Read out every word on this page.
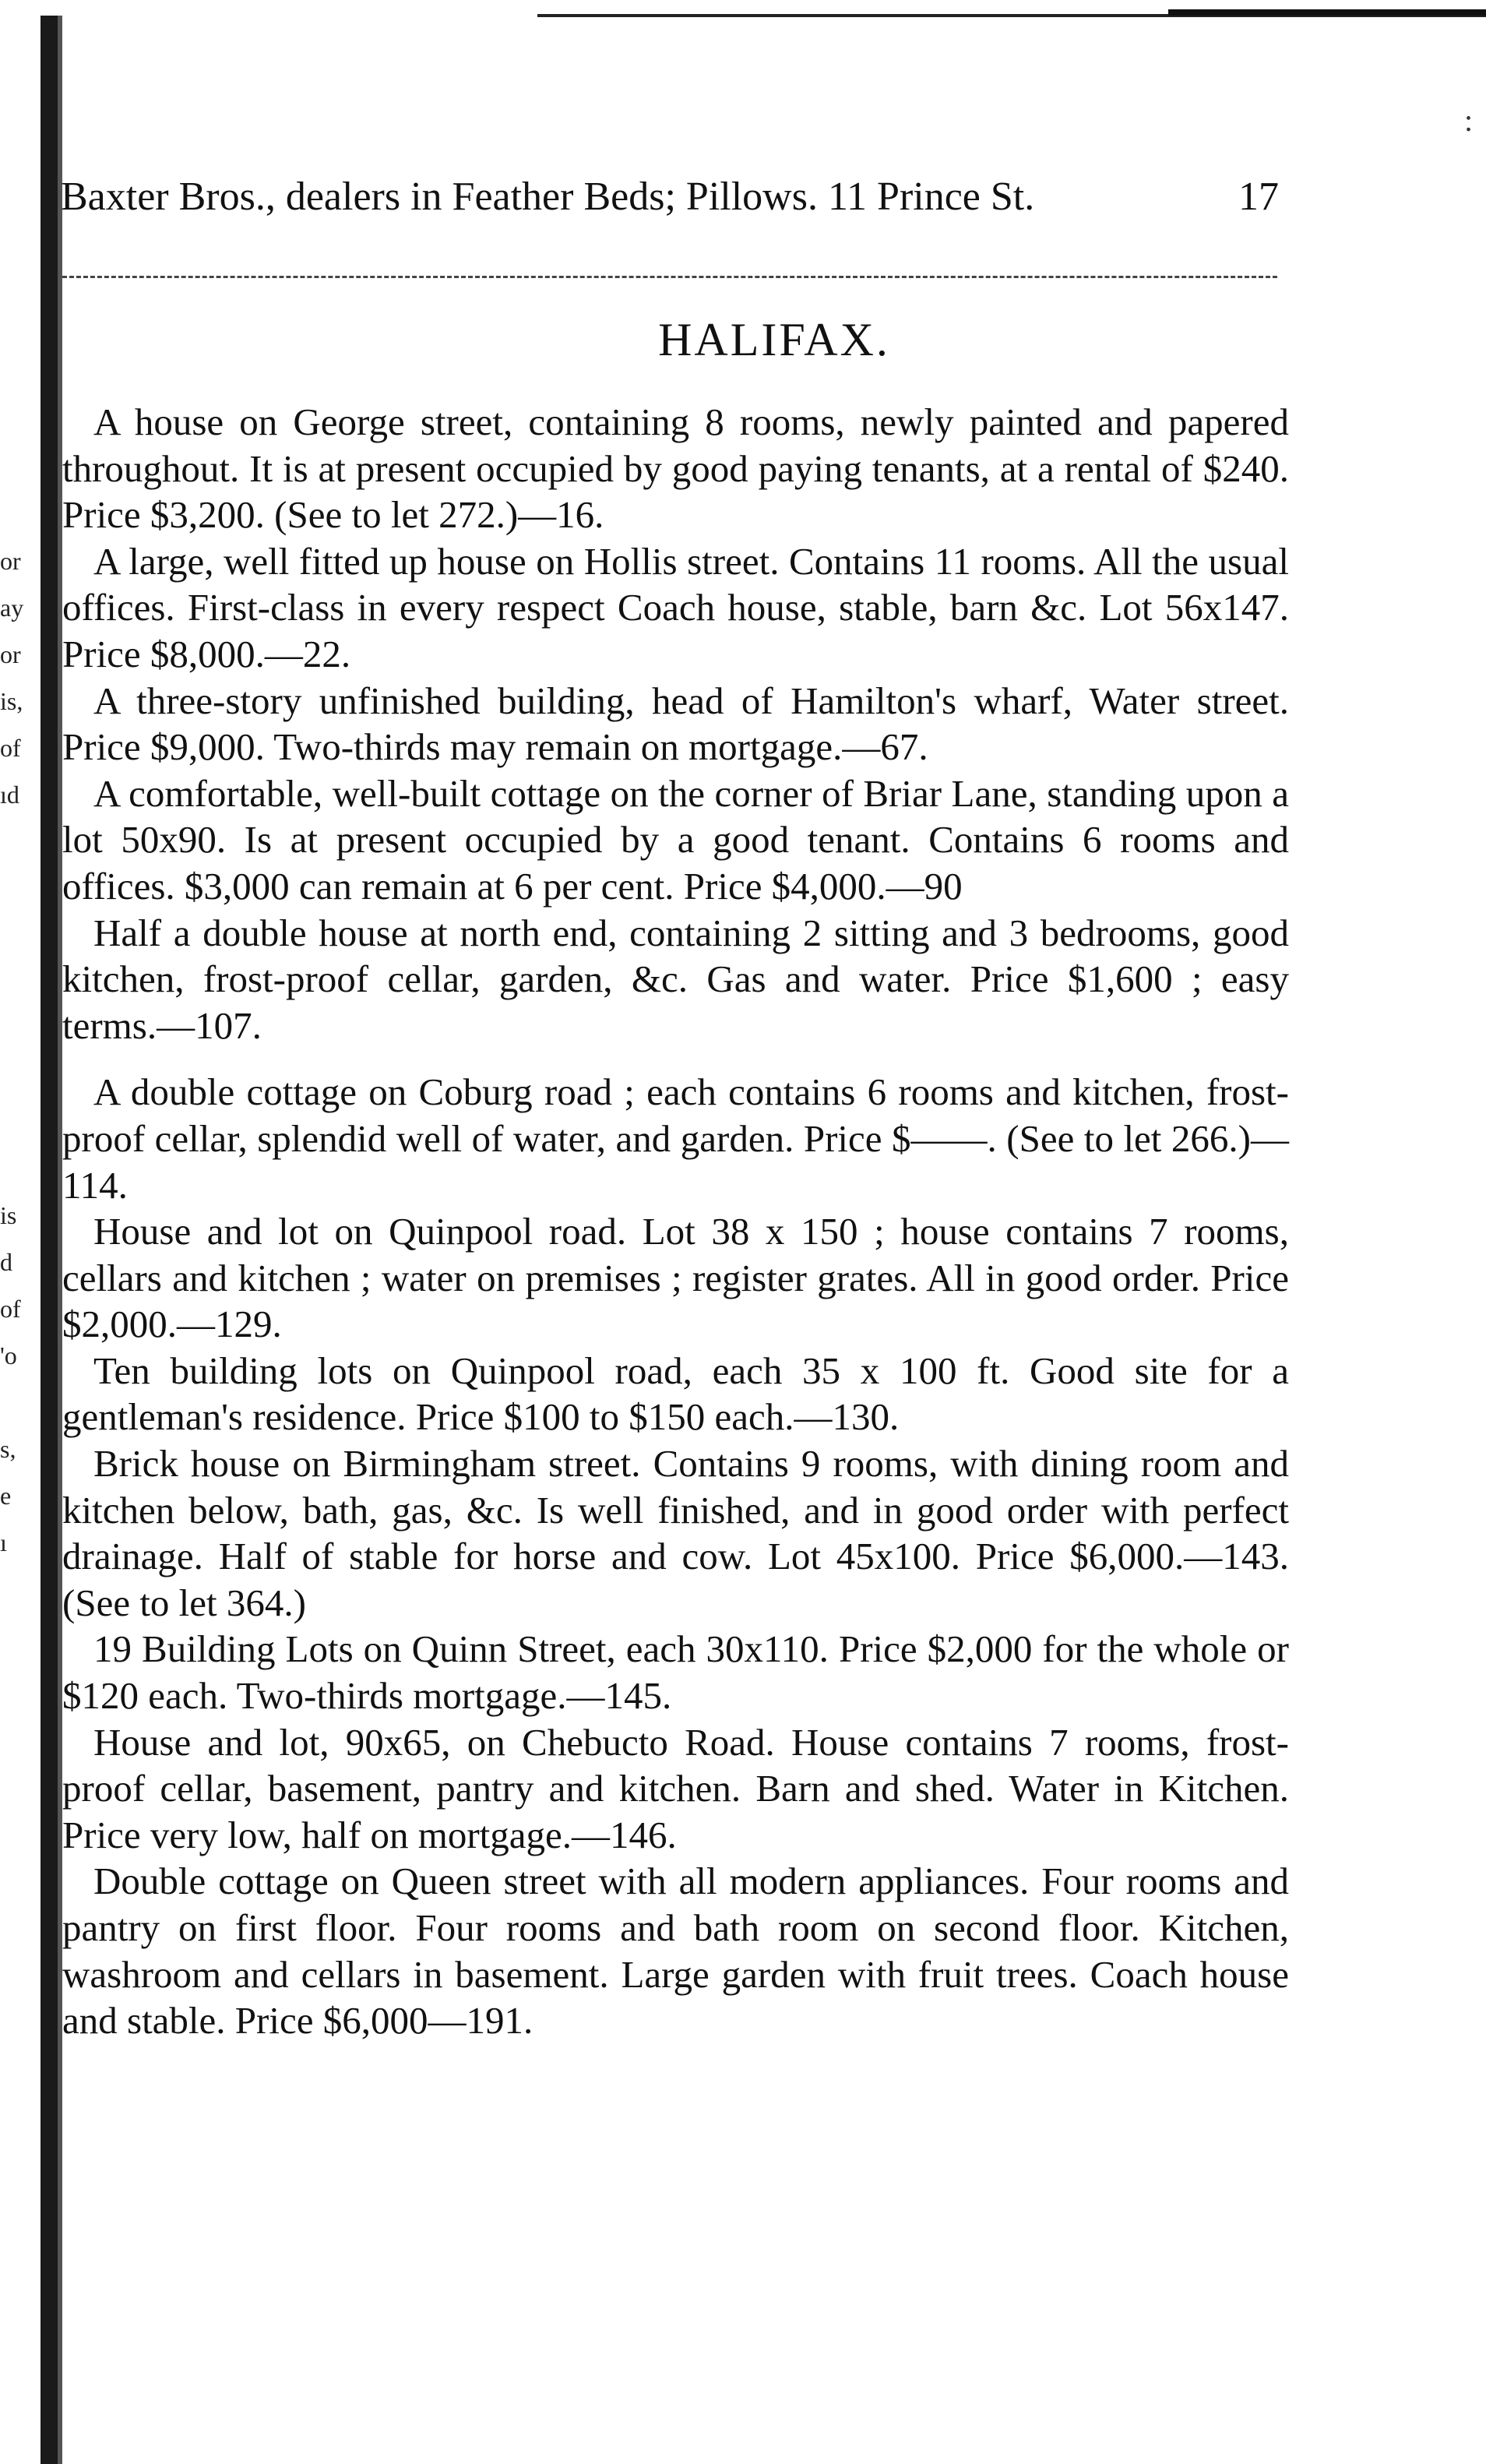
:
or
ay
or
is,
of
ıd

is
d
of
'o

s,
e
ı
Baxter Bros., dealers in Feather Beds; Pillows. 11 Prince St.	17
HALIFAX.

A house on George street, containing 8 rooms, newly painted and papered throughout. It is at present occupied by good paying tenants, at a rental of $240. Price $3,200. (See to let 272.)—16.

A large, well fitted up house on Hollis street. Contains 11 rooms. All the usual offices. First-class in every respect Coach house, stable, barn &c. Lot 56x147. Price $8,000.—22.

A three-story unfinished building, head of Hamilton's wharf, Water street. Price $9,000. Two-thirds may remain on mortgage.—67.

A comfortable, well-built cottage on the corner of Briar Lane, standing upon a lot 50x90. Is at present occupied by a good tenant. Contains 6 rooms and offices. $3,000 can remain at 6 per cent. Price $4,000.—90

Half a double house at north end, containing 2 sitting and 3 bedrooms, good kitchen, frost-proof cellar, garden, &c. Gas and water. Price $1,600 ; easy terms.—107.

A double cottage on Coburg road ; each contains 6 rooms and kitchen, frost-proof cellar, splendid well of water, and garden. Price $——. (See to let 266.)—114.

House and lot on Quinpool road. Lot 38 x 150 ; house contains 7 rooms, cellars and kitchen ; water on premises ; register grates. All in good order. Price $2,000.—129.

Ten building lots on Quinpool road, each 35 x 100 ft. Good site for a gentleman's residence. Price $100 to $150 each.—130.

Brick house on Birmingham street. Contains 9 rooms, with dining room and kitchen below, bath, gas, &c. Is well finished, and in good order with perfect drainage. Half of stable for horse and cow. Lot 45x100. Price $6,000.—143. (See to let 364.)

19 Building Lots on Quinn Street, each 30x110. Price $2,000 for the whole or $120 each. Two-thirds mortgage.—145.

House and lot, 90x65, on Chebucto Road. House contains 7 rooms, frost-proof cellar, basement, pantry and kitchen. Barn and shed. Water in Kitchen. Price very low, half on mortgage.—146.

Double cottage on Queen street with all modern appliances. Four rooms and pantry on first floor. Four rooms and bath room on second floor. Kitchen, washroom and cellars in basement. Large garden with fruit trees. Coach house and stable. Price $6,000—191.
